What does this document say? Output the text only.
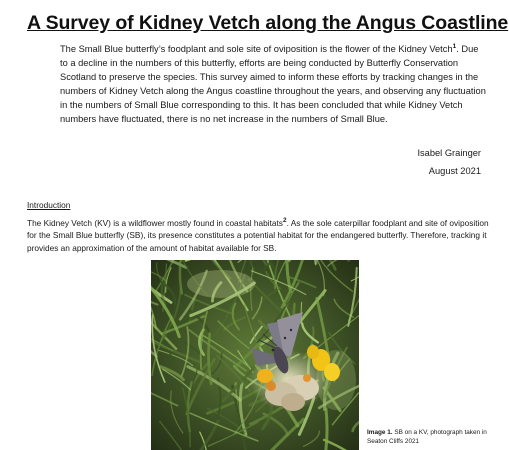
A Survey of Kidney Vetch along the Angus Coastline
The Small Blue butterfly’s foodplant and sole site of oviposition is the flower of the Kidney Vetch$^1$. Due to a decline in the numbers of this butterfly, efforts are being conducted by Butterfly Conservation Scotland to preserve the species. This survey aimed to inform these efforts by tracking changes in the numbers of Kidney Vetch along the Angus coastline throughout the years, and observing any fluctuation in the numbers of Small Blue corresponding to this. It has been concluded that while Kidney Vetch numbers have fluctuated, there is no net increase in the numbers of Small Blue.
Isabel Grainger
August 2021
Introduction
The Kidney Vetch (KV) is a wildflower mostly found in coastal habitats$^2$. As the sole caterpillar foodplant and site of oviposition for the Small Blue butterfly (SB), its presence constitutes a potential habitat for the endangered butterfly. Therefore, tracking it provides an approximation of the amount of habitat available for SB.
Image 1. SB on a KV, photograph taken in Seaton Cliffs 2021
